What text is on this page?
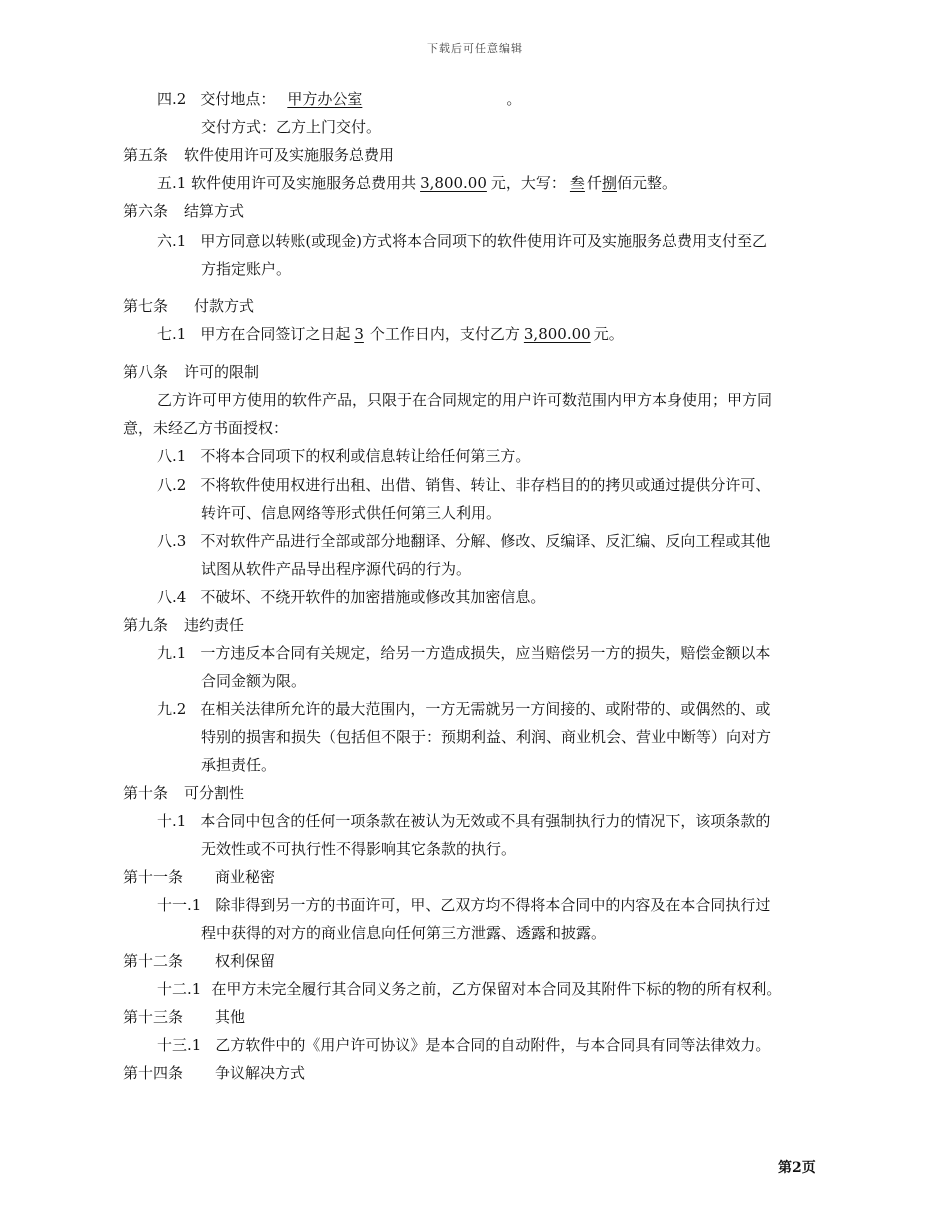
下载后可任意编辑
四.2 交付地点： 甲方办公室	。
交付方式：乙方上门交付。
第五条 软件使用许可及实施服务总费用
五.1 软件使用许可及实施服务总费用共 3,800.00 元，大写： 叁 仟捌佰元整。
第六条 结算方式
六.1 甲方同意以转账(或现金)方式将本合同项下的软件使用许可及实施服务总费用支付至乙
方指定账户。
第七条 付款方式
七.1 甲方在合同签订之日起 3 个工作日内，支付乙方 3,800.00 元。
第八条 许可的限制
乙方许可甲方使用的软件产品，只限于在合同规定的用户许可数范围内甲方本身使用；甲方同
意，未经乙方书面授权：
八.1 不将本合同项下的权利或信息转让给任何第三方。
八.2 不将软件使用权进行出租、出借、销售、转让、非存档目的的拷贝或通过提供分许可、
转许可、信息网络等形式供任何第三人利用。
八.3 不对软件产品进行全部或部分地翻译、分解、修改、反编译、反汇编、反向工程或其他
试图从软件产品导出程序源代码的行为。
八.4 不破坏、不绕开软件的加密措施或修改其加密信息。
第九条 违约责任
九.1 一方违反本合同有关规定，给另一方造成损失，应当赔偿另一方的损失，赔偿金额以本
合同金额为限。
九.2 在相关法律所允许的最大范围内，一方无需就另一方间接的、或附带的、或偶然的、或
特别的损害和损失（包括但不限于：预期利益、利润、商业机会、营业中断等）向对方
承担责任。
第十条 可分割性
十.1 本合同中包含的任何一项条款在被认为无效或不具有强制执行力的情况下，该项条款的
无效性或不可执行性不得影响其它条款的执行。
第十一条 商业秘密
十一.1 除非得到另一方的书面许可，甲、乙双方均不得将本合同中的内容及在本合同执行过
程中获得的对方的商业信息向任何第三方泄露、透露和披露。
第十二条 权利保留
十二.1 在甲方未完全履行其合同义务之前，乙方保留对本合同及其附件下标的物的所有权利。
第十三条 其他
十三.1 乙方软件中的《用户许可协议》是本合同的自动附件，与本合同具有同等法律效力。
第十四条 争议解决方式
第2页
